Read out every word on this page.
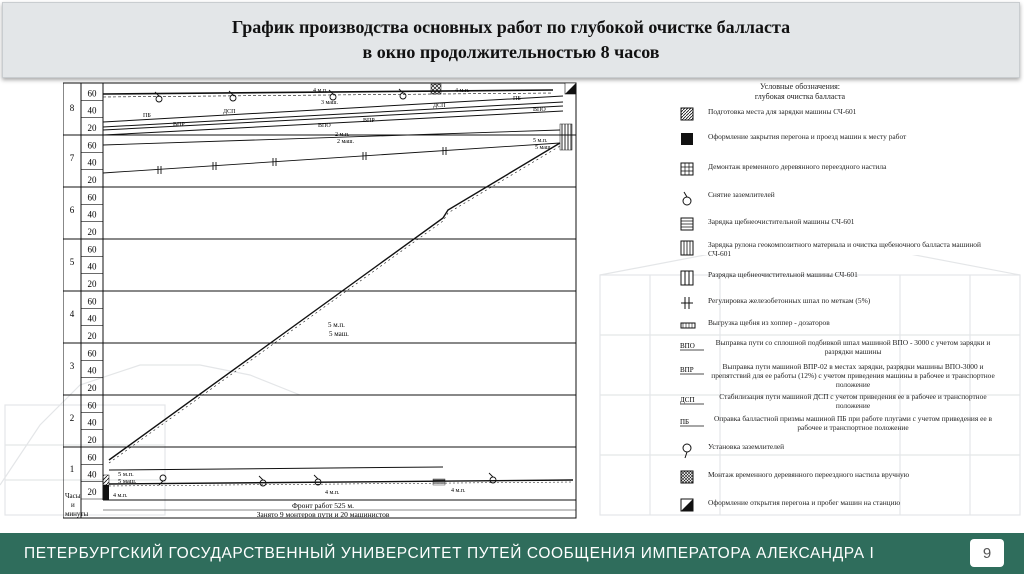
График производства основных работ по глубокой очистке балласта
в окно продолжительностью 8 часов
8
7
6
5
4
3
2
1
60
40
20
60
40
20
60
40
20
60
40
20
60
40
20
60
40
20
60
40
20
60
40
20
Часы
и
минуты
Фронт работ 525 м.
Занято 9 монтеров пути и 20 машинистов
5 м.п.
5 маш.
5 м.п.
5 маш.
4 м.п.	4 м.п.	4 м.п.
4 м.п.
3 маш.
4 м.п.
2 м.п.
2 маш.
ПБ
ДСП
ВПР
ВПО
ПБ
ДСП
ВПР
ВПО
5 м.п.
5 маш.
Условные обозначения:
глубокая очистка балласта
Подготовка места для зарядки машины СЧ-601
Оформление закрытия перегона и проезд машин к месту работ
Демонтаж временного деревянного переездного настила
Снятие заземлителей
Зарядка щебнеочистительной машины СЧ-601
Зарядка рулона геокомпозитного материала и очистка щебеночного балласта машиной СЧ-601
Разрядка щебнеочистительной машины СЧ-601
Регулировка железобетонных шпал по меткам (5%)
Выгрузка щебня из хоппер - дозаторов
ВПО	Выправка пути со сплошной подбивкой шпал машиной ВПО - 3000 с учетом зарядки и разрядки машины
ВПР	Выправка пути машиной ВПР-02 в местах зарядки, разрядки машины ВПО-3000 и препятствий для ее работы (12%) с учетом приведения машины в рабочее и транспортное положение
ДСП	Стабилизация пути машиной ДСП с учетом приведения ее в рабочее и транспортное положение
ПБ	Оправка балластной призмы машиной ПБ при работе плугами с учетом приведения ее в рабочее и транспортное положение
Установка заземлителей
Монтаж временного деревянного переездного настила вручную
Оформление открытия перегона и пробег машин на станцию
ПЕТЕРБУРГСКИЙ ГОСУДАРСТВЕННЫЙ УНИВЕРСИТЕТ ПУТЕЙ СООБЩЕНИЯ ИМПЕРАТОРА АЛЕКСАНДРА I	9
